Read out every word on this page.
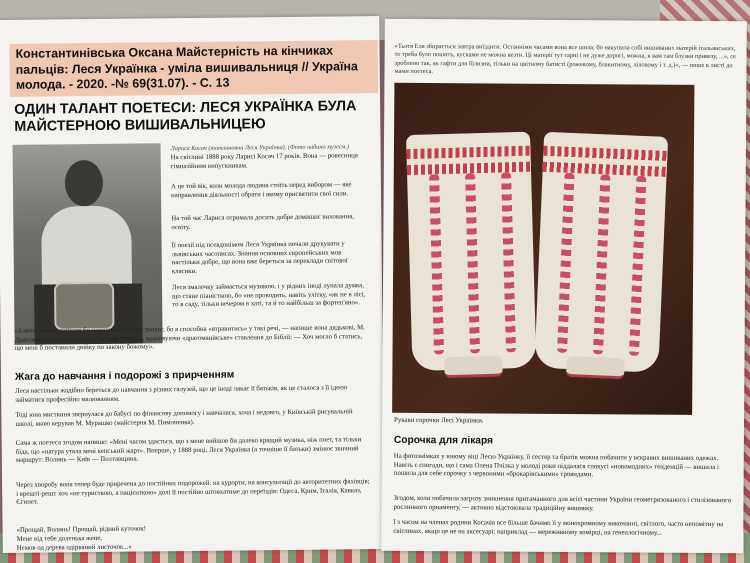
Константинівська Оксана Майстерність на кінчиках пальців: Леся Українка - уміла вишивальниця // Україна молода. - 2020. -№ 69(31.07). - С. 13
ОДИН ТАЛАНТ ПОЕТЕСИ: ЛЕСЯ УКРАЇНКА БУЛА МАЙСТЕРНОЮ ВИШИВАЛЬНИЦЕЮ
Лариса Косач (татлиновна Леся Українка). (Фото надано музеєм.)
На світлині 1888 року Ларисі Косач 17 років. Вона — ровесниця гімназійним випускникам.
А це той вік, коли молода людина стоїть перед вибором — яке направлення діяльності обрати і якому присвятити свої сили.
На той час Лариса отримала досить добре домашнє виховання, освіту.
Її поезії під псевдонімом Леся Українка почали друкувати у львівських часописах. Знання основних європейських мов настільки добре, що вона вже береться за переклади світової класики.
Леся змалечку займається музикою, і у рідних іноді лунала думка, що стане піаністкою, бо «не проводить, навіть улітку, «як не в лісі, то в саду, тільки вечером в хаті, та й то найбільш за фортеп'яно».
«З мене, може, вийшов би порядний студент теолог, бо я способна «втравитись» у такі речі, — напише вона дядькові, М. Драгоманову, шоправеда, з гумором додасть, враховуючи «драгоманівське» ставлення до Біблії: — Хоч могло б статись, що мені б поставили двійку по закону божому».
Жага до навчання і подорожі з прирченням
Леся настільки жадібно береться до навчання з різних галузей, що це іноді лякає її батьків, як це сталося з її ідеєю займатися професійно малюванням.
Тоді юна мисткиня звернулася до бабусі по фінансову допомогу і навчалася, хоча і недовго, у Київській рисувальній школі, якою керував М. Мурашко (майстерня М. Пимоненка).
Сама ж поетеса згодом напише: «Мені часом здається, що з мене вийшов би далеко кращий музика, ніж поет, та тільки біда, що «натура утяла мені кепський жарт». Вперше, у 1888 році, Леся Українка (а точніше її батьки) змінює звичний маршрут: Волинь — Київ — Полтавщина.
Через хворобу вона тепер буде приречена до постійних подорожей: на курорти, на консультації до авторитетних фахівців; і врешті-решт хоч «не туристкою, а пацієнткою» долі її постійно штовхатиме до переїздів: Одеса, Крим, Італія, Кавказ, Єгипет.
«Прощай, Волинь! Прощай, рідний куточок!
Мене від тебе доленька жене,
Немов од дерева одірваний листочок...»
«Тьотя Еля збирається завтра виїздити. Останніми часами вона все шила, бо накупила собі вишиваних матерій італьянських, то треба було пошить, кусками не можна везти. Ці матерії тут гарні і не дуже дорогі, можна, я вам там блузки привезу, ...», се зроблено так, як гафти для білизни, тільки на цвітному батисті (рожевому, блакитному, ліловому і т. д.)», — пише в листі до мами поетеса.
Рукави сорочки Лесі Українки.
Сорочка для лікаря
На фотознімках у юному віці Лесю Українку, її сестер та братів можна побачити у вєкравих вишиваних одежах. Навіть є спогади, що і сама Олена Пчілка у молоді роки піддалася спокусі «новомодних» тенденцій — вишила і пошила для себе сорочку з червоними «брокарівськими» трояндами.
Згодом, коли побачила загрозу зникнення притаманного для всієї частини України геометризованого і стилізованого рослинного орнаменту, — активно відстоювала традиційну вишивку.
І з часом на членах родини Косачів все більше бачимо її у монохромному виконанні, світлого, часто непомітну на світлинах, якщо це не на аксесуарі: наприклад — мереживному комірці, на генеалогічному...
